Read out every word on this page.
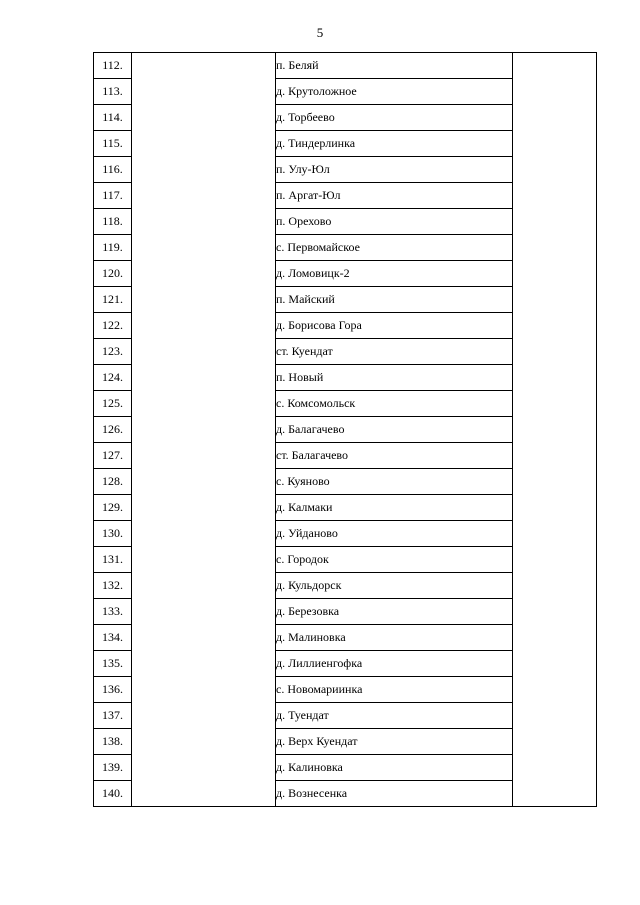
5
112.		п. Беляй	
113.		д. Крутоложное	
114.		д. Торбеево	
115.		д. Тиндерлинка	
116.		п. Улу-Юл	
117.		п. Аргат-Юл	
118.		п. Орехово	
119.		с. Первомайское	
120.		д. Ломовицк-2	
121.		п. Майский	
122.		д. Борисова Гора	
123.		ст. Куендат	
124.		п. Новый	
125.		с. Комсомольск	
126.		д. Балагачево	
127.		ст. Балагачево	
128.		с. Куяново	
129.		д. Калмаки	
130.		д. Уйданово	
131.		с. Городок	
132.		д. Кульдорск	
133.		д. Березовка	
134.		д. Малиновка	
135.		д. Лиллиенгофка	
136.		с. Новомариинка	
137.		д. Туендат	
138.		д. Верх Куендат	
139.		д. Калиновка	
140.		д. Вознесенка	
